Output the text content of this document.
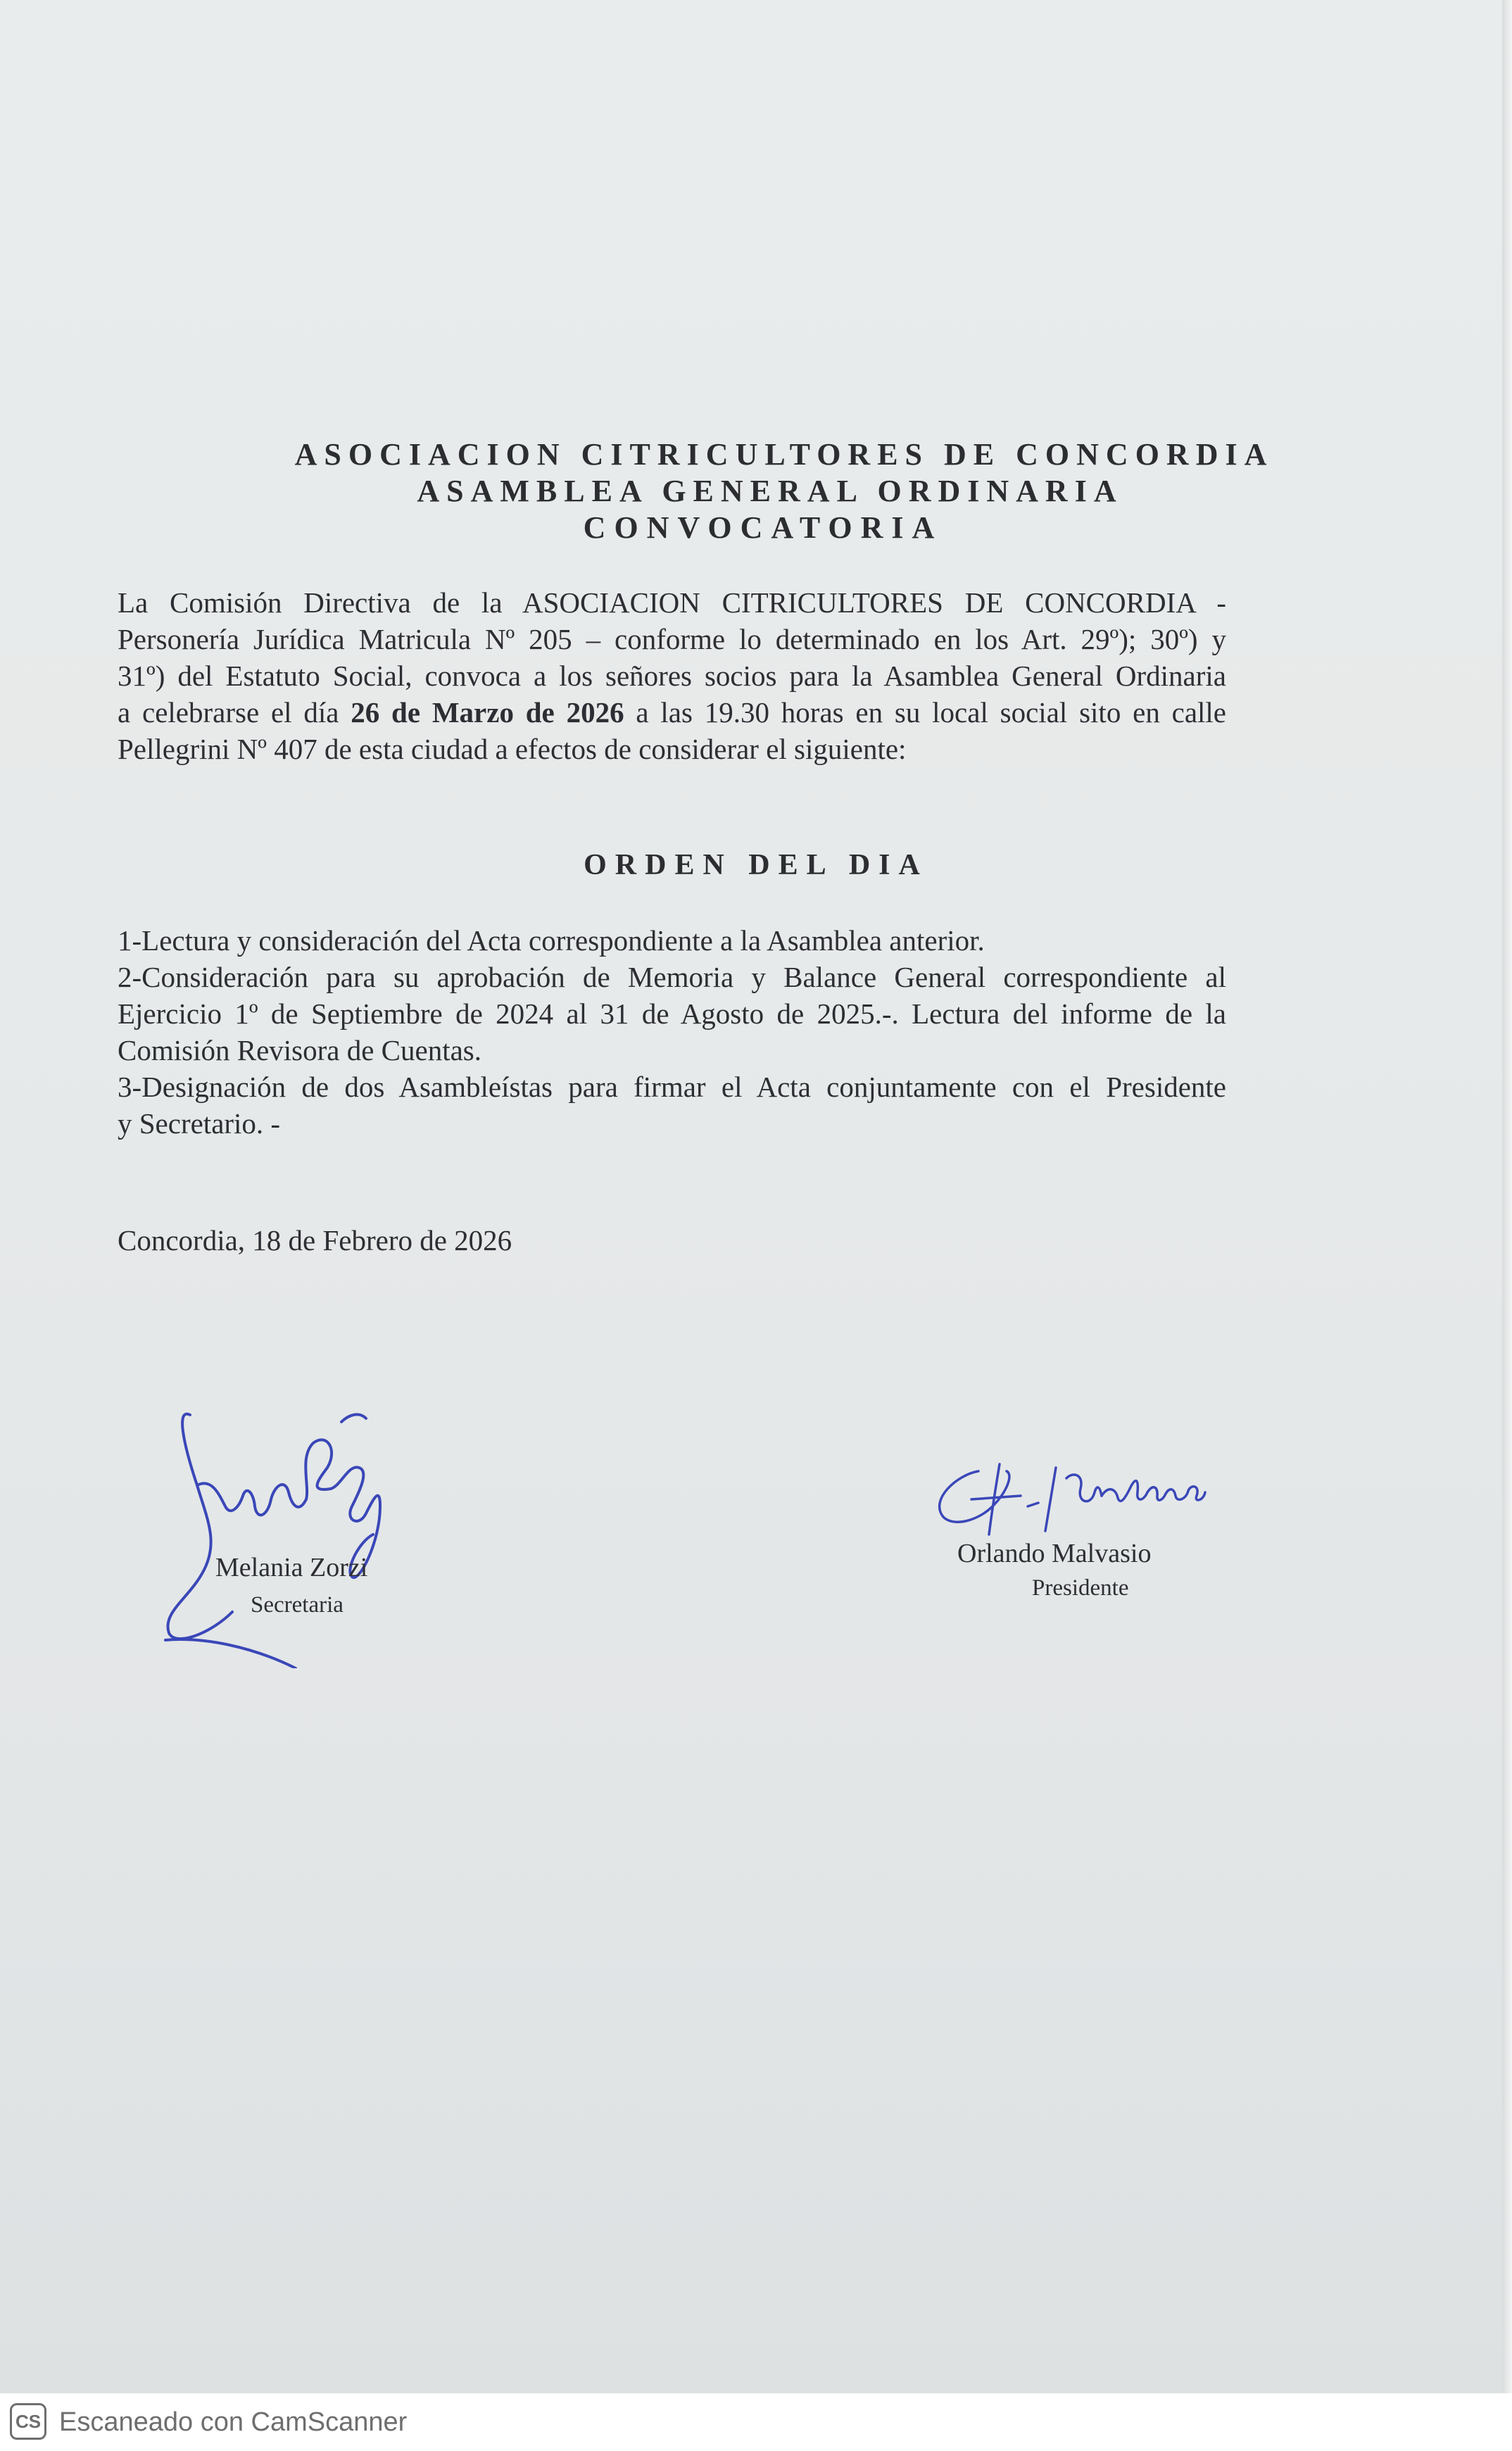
ASOCIACION CITRICULTORES DE CONCORDIA
ASAMBLEA GENERAL ORDINARIA
CONVOCATORIA
La Comisión Directiva de la ASOCIACION CITRICULTORES DE CONCORDIA -
Personería Jurídica Matricula Nº 205 – conforme lo determinado en los Art. 29º); 30º) y
31º) del Estatuto Social, convoca a los señores socios para la Asamblea General Ordinaria
a celebrarse el día 26 de Marzo de 2026 a las 19.30 horas en su local social sito en calle
Pellegrini Nº 407 de esta ciudad a efectos de considerar el siguiente:
ORDEN DEL DIA
1-Lectura y consideración del Acta correspondiente a la Asamblea anterior.
2-Consideración para su aprobación de Memoria y Balance General correspondiente al
Ejercicio 1º de Septiembre de 2024 al 31 de Agosto de 2025.-. Lectura del informe de la
Comisión Revisora de Cuentas.
3-Designación de dos Asambleístas para firmar el Acta conjuntamente con el Presidente
y Secretario. -
Concordia, 18 de Febrero de 2026
Melania Zorzi
Secretaria
Orlando Malvasio
Presidente
CS Escaneado con CamScanner
